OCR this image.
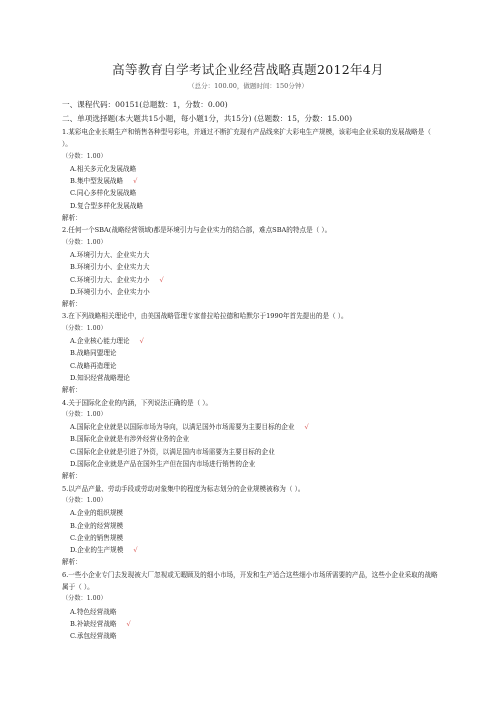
高等教育自学考试企业经营战略真题2012年4月
（总分：100.00，做题时间：150分钟）
一、课程代码：00151(总题数：1，分数：0.00)
二、单项选择题(本大题共15小题，每小题1分，共15分) (总题数：15，分数：15.00)
1.某彩电企业长期生产和销售各种型号彩电，并通过不断扩充现有产品线来扩大彩电生产规模，该彩电企业采取的发展战略是（ ）。
（分数：1.00）
A.相关多元化发展战略
B.集中型发展战略 √
C.同心多样化发展战略
D.复合型多样化发展战略
解析：
2.任何一个SBA(战略经营领域)都是环境引力与企业实力的结合部，难点SBA的特点是（ ）。
（分数：1.00）
A.环境引力大、企业实力大
B.环境引力小、企业实力大
C.环境引力大、企业实力小 √
D.环境引力小、企业实力小
解析：
3.在下列战略相关理论中，由美国战略管理专家普拉哈拉德和哈默尔于1990年首先提出的是（ ）。
（分数：1.00）
A.企业核心能力理论 √
B.战略同盟理论
C.战略再造理论
D.知识经营战略理论
解析：
4.关于国际化企业的内涵，下列说法正确的是（ ）。
（分数：1.00）
A.国际化企业就是以国际市场为导向，以满足国外市场需要为主要目标的企业 √
B.国际化企业就是有涉外经营业务的企业
C.国际化企业就是引进了外资，以满足国内市场需要为主要目标的企业
D.国际化企业就是产品在国外生产但在国内市场进行销售的企业
解析：
5.以产品产量、劳动手段或劳动对象集中的程度为标志划分的企业规模被称为（ ）。
（分数：1.00）
A.企业的组织规模
B.企业的经营规模
C.企业的销售规模
D.企业的生产规模 √
解析：
6.一些小企业专门去发现被大厂忽视或无暇顾及的细小市场，开发和生产适合这些细小市场所需要的产品，这些小企业采取的战略属于（ ）。
（分数：1.00）
A.特色经营战略
B.补缺经营战略 √
C.承包经营战略
